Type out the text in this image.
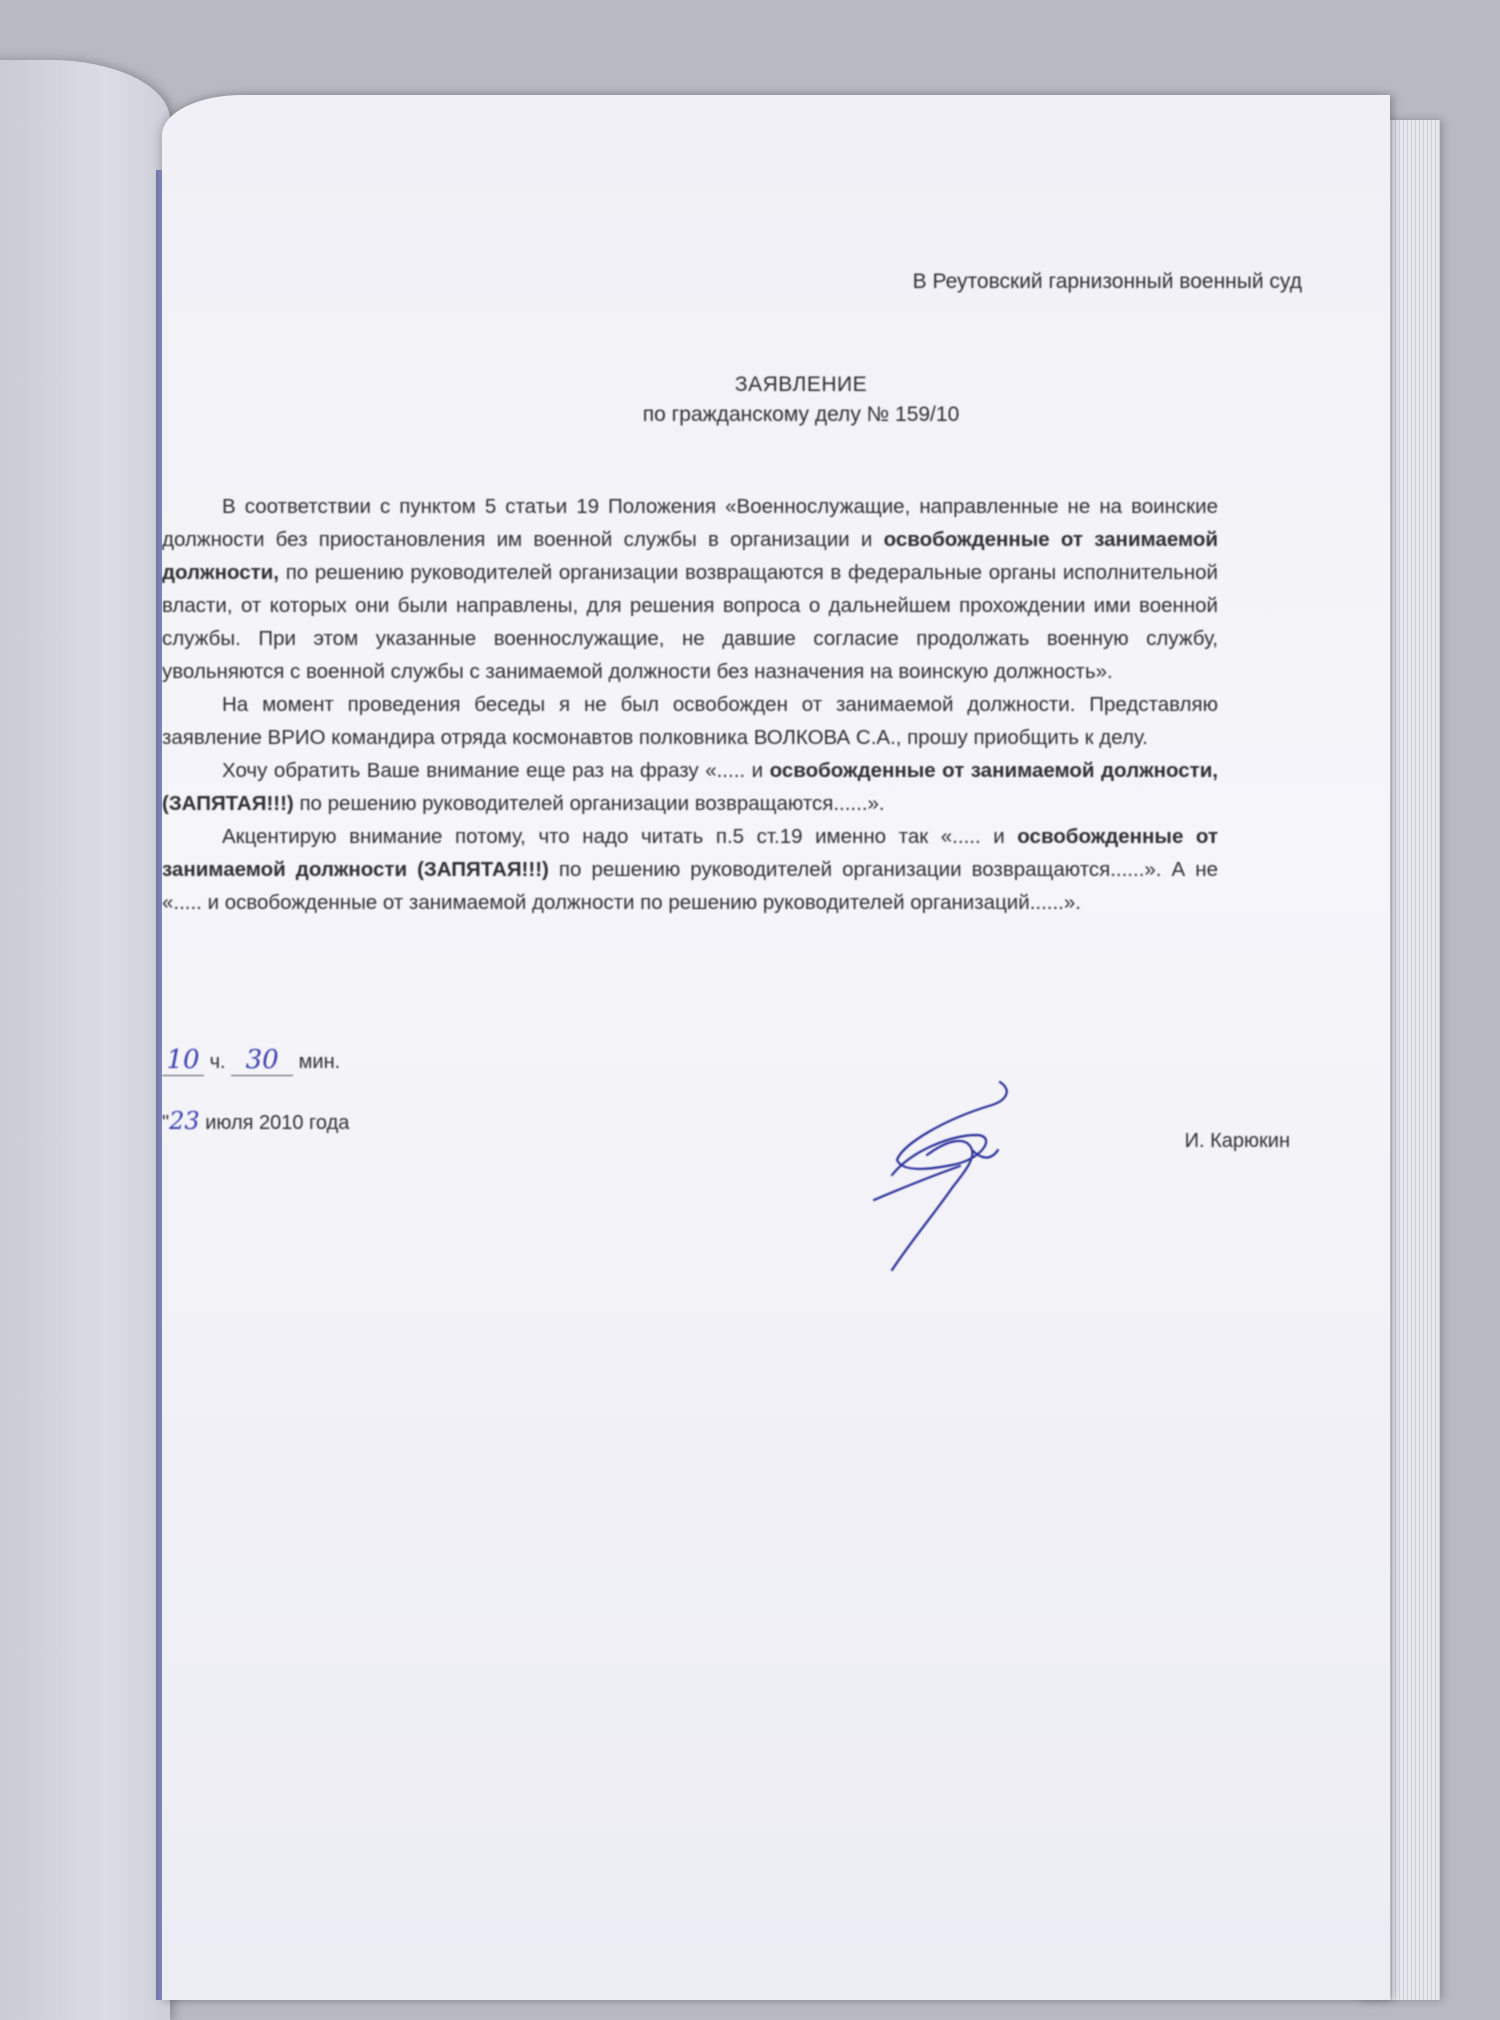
В Реутовский гарнизонный военный суд
ЗАЯВЛЕНИЕ
по гражданскому делу № 159/10

В соответствии с пунктом 5 статьи 19 Положения «Военнослужащие, направленные не на воинские должности без приостановления им военной службы в организации и освобожденные от занимаемой должности, по решению руководителей организации возвращаются в федеральные органы исполнительной власти, от которых они были направлены, для решения вопроса о дальнейшем прохождении ими военной службы. При этом указанные военнослужащие, не давшие согласие продолжать военную службу, увольняются с военной службы с занимаемой должности без назначения на воинскую должность».

На момент проведения беседы я не был освобожден от занимаемой должности. Представляю заявление ВРИО командира отряда космонавтов полковника ВОЛКОВА С.А., прошу приобщить к делу.

Хочу обратить Ваше внимание еще раз на фразу «..... и освобожденные от занимаемой должности, (ЗАПЯТАЯ!!!) по решению руководителей организации возвращаются......».

Акцентирую внимание потому, что надо читать п.5 ст.19 именно так «..... и освобожденные от занимаемой должности (ЗАПЯТАЯ!!!) по решению руководителей организации возвращаются......». А не «..... и освобожденные от занимаемой должности по решению руководителей организаций......».

10 ч. 30 мин.
"23 июля 2010 года
И. Карюкин
